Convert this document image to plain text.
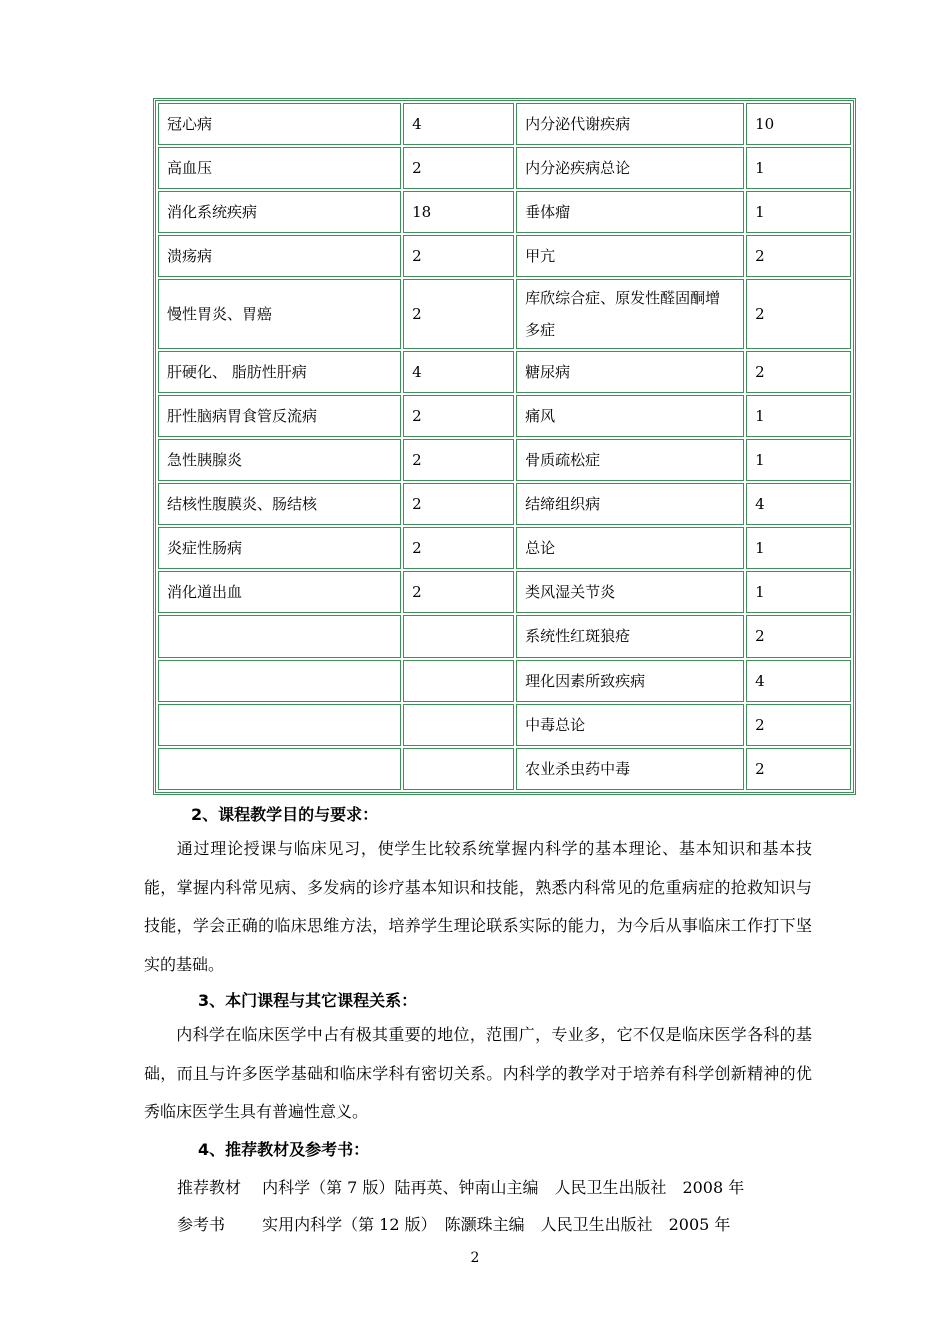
冠心病	4	内分泌代谢疾病	10
高血压	2	内分泌疾病总论	1
消化系统疾病	18	垂体瘤	1
溃疡病	2	甲亢	2
慢性胃炎、胃癌	2	库欣综合症、原发性醛固酮增多症	2
肝硬化、 脂肪性肝病	4	糖尿病	2
肝性脑病胃食管反流病	2	痛风	1
急性胰腺炎	2	骨质疏松症	1
结核性腹膜炎、肠结核	2	结缔组织病	4
炎症性肠病	2	总论	1
消化道出血	2	类风湿关节炎	1
		系统性红斑狼疮	2
		理化因素所致疾病	4
		中毒总论	2
		农业杀虫药中毒	2
2、课程教学目的与要求：

通过理论授课与临床见习，使学生比较系统掌握内科学的基本理论、基本知识和基本技能，掌握内科常见病、多发病的诊疗基本知识和技能，熟悉内科常见的危重病症的抢救知识与技能，学会正确的临床思维方法，培养学生理论联系实际的能力，为今后从事临床工作打下坚实的基础。

3、本门课程与其它课程关系：

内科学在临床医学中占有极其重要的地位，范围广，专业多，它不仅是临床医学各科的基础，而且与许多医学基础和临床学科有密切关系。内科学的教学对于培养有科学创新精神的优秀临床医学生具有普遍性意义。

4、推荐教材及参考书：
推荐教材　 内科学（第 7 版）陆再英、钟南山主编　人民卫生出版社　2008 年
参考书　　 实用内科学（第 12 版）　陈灏珠主编　人民卫生出版社　2005 年
2
